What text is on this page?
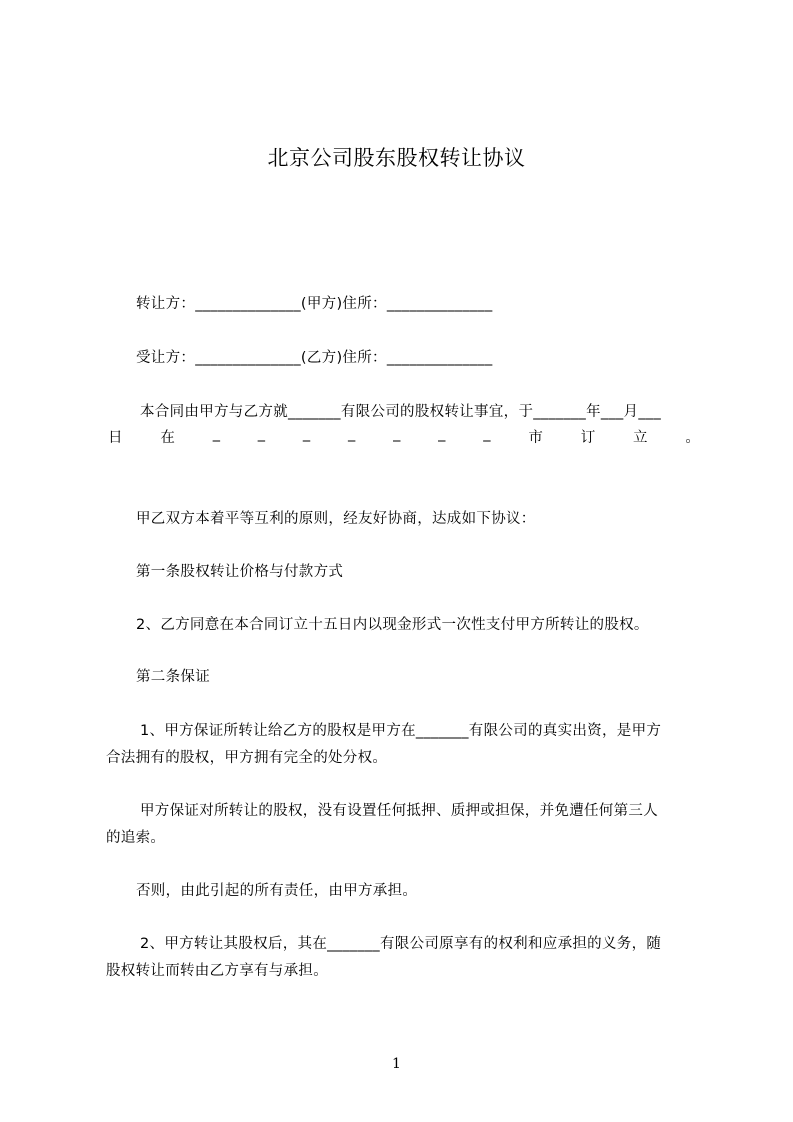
北京公司股东股权转让协议
转让方：______________(甲方)住所：______________
受让方：______________(乙方)住所：______________
本合同由甲方与乙方就_______有限公司的股权转让事宜，于_______年___月___
日	在	_	_	_	_	_	_	_	市	订	立	。
甲乙双方本着平等互利的原则，经友好协商，达成如下协议：
第一条股权转让价格与付款方式
2、乙方同意在本合同订立十五日内以现金形式一次性支付甲方所转让的股权。
第二条保证
1、甲方保证所转让给乙方的股权是甲方在_______有限公司的真实出资，是甲方
合法拥有的股权，甲方拥有完全的处分权。
甲方保证对所转让的股权，没有设置任何抵押、质押或担保，并免遭任何第三人
的追索。
否则，由此引起的所有责任，由甲方承担。
2、甲方转让其股权后，其在_______有限公司原享有的权利和应承担的义务，随
股权转让而转由乙方享有与承担。
1
